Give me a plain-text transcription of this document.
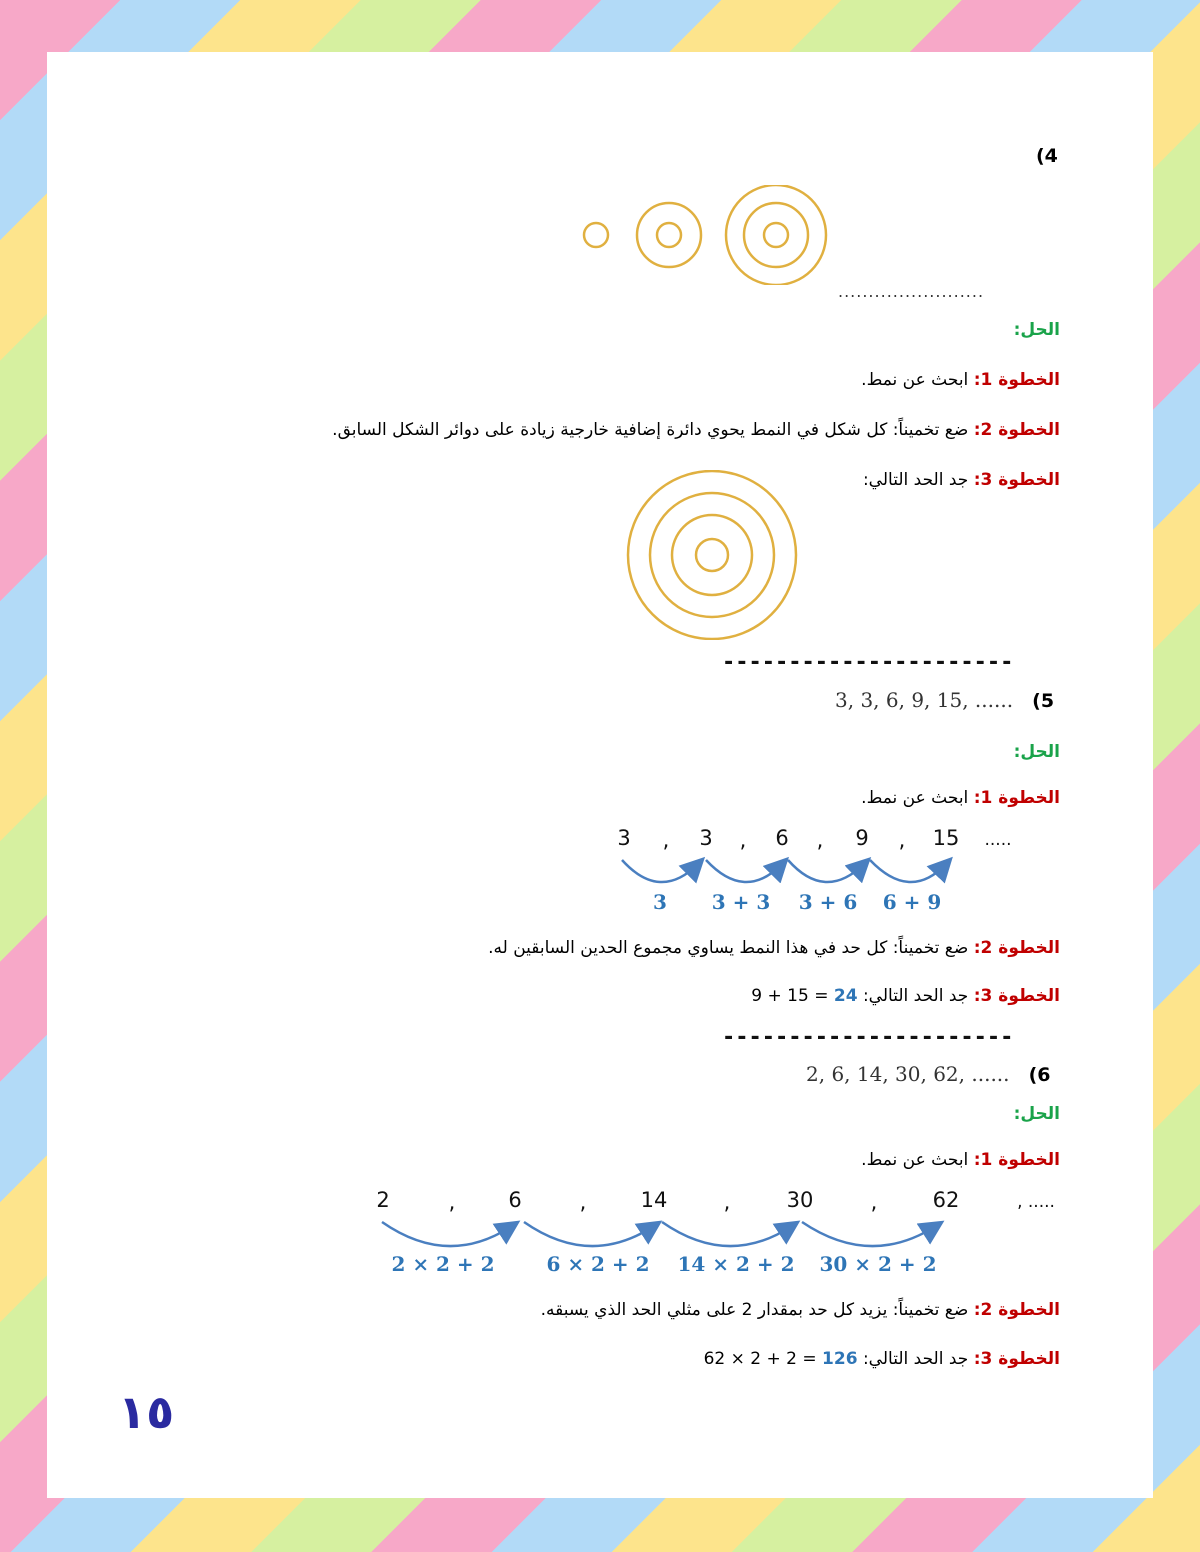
(4
........................
الحل:
الخطوة 1: ابحث عن نمط.
الخطوة 2: ضع تخميناً: كل شكل في النمط يحوي دائرة إضافية خارجية زيادة على دوائر الشكل السابق.
الخطوة 3: جد الحد التالي:
----------------------
3, 3, 6, 9, 15, ...... (5
الحل:
الخطوة 1: ابحث عن نمط.
3 , 3 , 6 , 9 , 15 .....
3 3 + 3 3 + 6 6 + 9
الخطوة 2: ضع تخميناً: كل حد في هذا النمط يساوي مجموع الحدين السابقين له.
الخطوة 3: جد الحد التالي: 24 = 15 + 9
----------------------
2, 6, 14, 30, 62, ...... (6
الحل:
الخطوة 1: ابحث عن نمط.
2	,	6	,	14	,	30	,	62	, .....
2 × 2 + 2	6 × 2 + 2 14 × 2 + 2 30 × 2 + 2
الخطوة 2: ضع تخميناً: يزيد كل حد بمقدار 2 على مثلي الحد الذي يسبقه.
الخطوة 3: جد الحد التالي: 126 = 2 + 2 × 62
١٥
